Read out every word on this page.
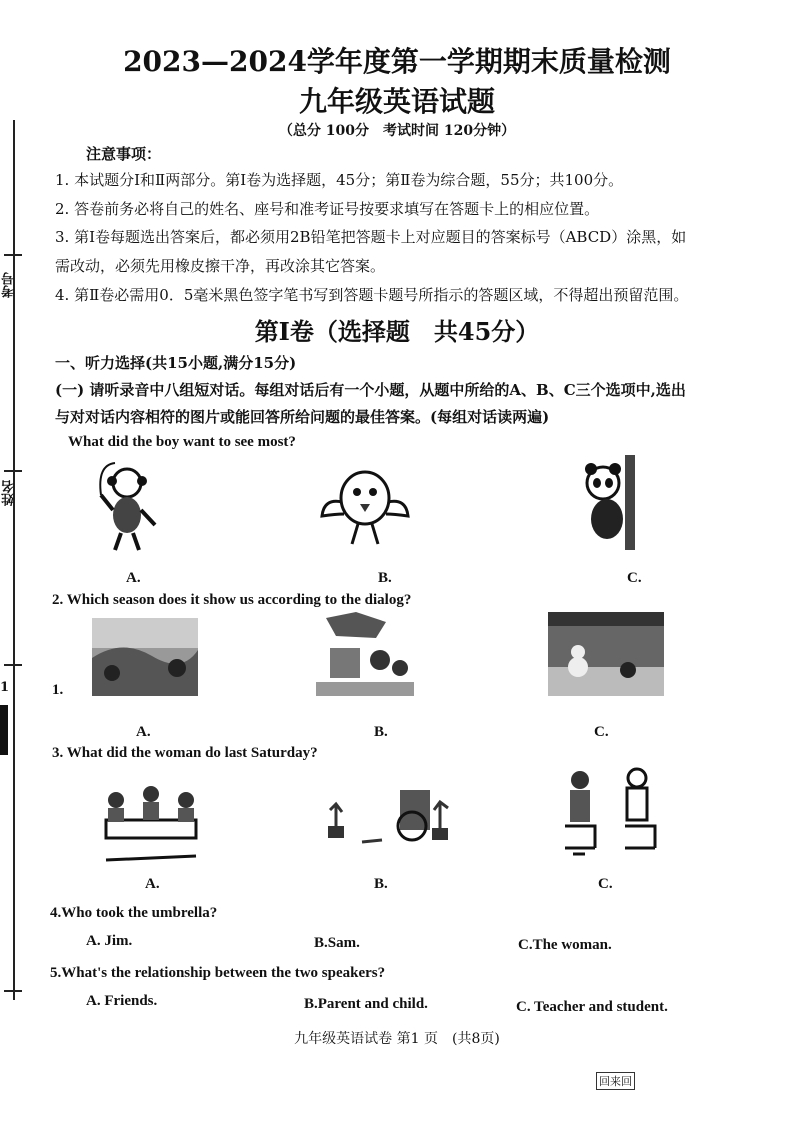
考号
姓名
1
2023—2024学年度第一学期期末质量检测
九年级英语试题
（总分 100分　考试时间 120分钟）
注意事项：
1. 本试题分Ⅰ和Ⅱ两部分。第Ⅰ卷为选择题，45分；第Ⅱ卷为综合题，55分；共100分。
2. 答卷前务必将自己的姓名、座号和准考证号按要求填写在答题卡上的相应位置。
3. 第Ⅰ卷每题选出答案后，都必须用2B铅笔把答题卡上对应题目的答案标号（ABCD）涂黑，如
需改动，必须先用橡皮擦干净，再改涂其它答案。
4. 第Ⅱ卷必需用0．5毫米黑色签字笔书写到答题卡题号所指示的答题区域，不得超出预留范围。
第Ⅰ卷（选择题　共45分）
一、听力选择(共15小题,满分15分)
(一) 请听录音中八组短对话。每组对话后有一个小题，从题中所给的A、B、C三个选项中,选出
与对对话内容相符的图片或能回答所给问题的最佳答案。(每组对话读两遍)
What did the boy want to see most?
A.	B.	C.
2. Which season does it show us according to the dialog?
1.
A.	B.	C.
3. What did the woman do last Saturday?
A.	B.	C.
4.Who took the umbrella?
A. Jim.	B.Sam.	C.The woman.
5.What's the relationship between the two speakers?
A. Friends.	B.Parent and child.	C. Teacher and student.
九年级英语试卷 第1 页　(共8页)
回来回
